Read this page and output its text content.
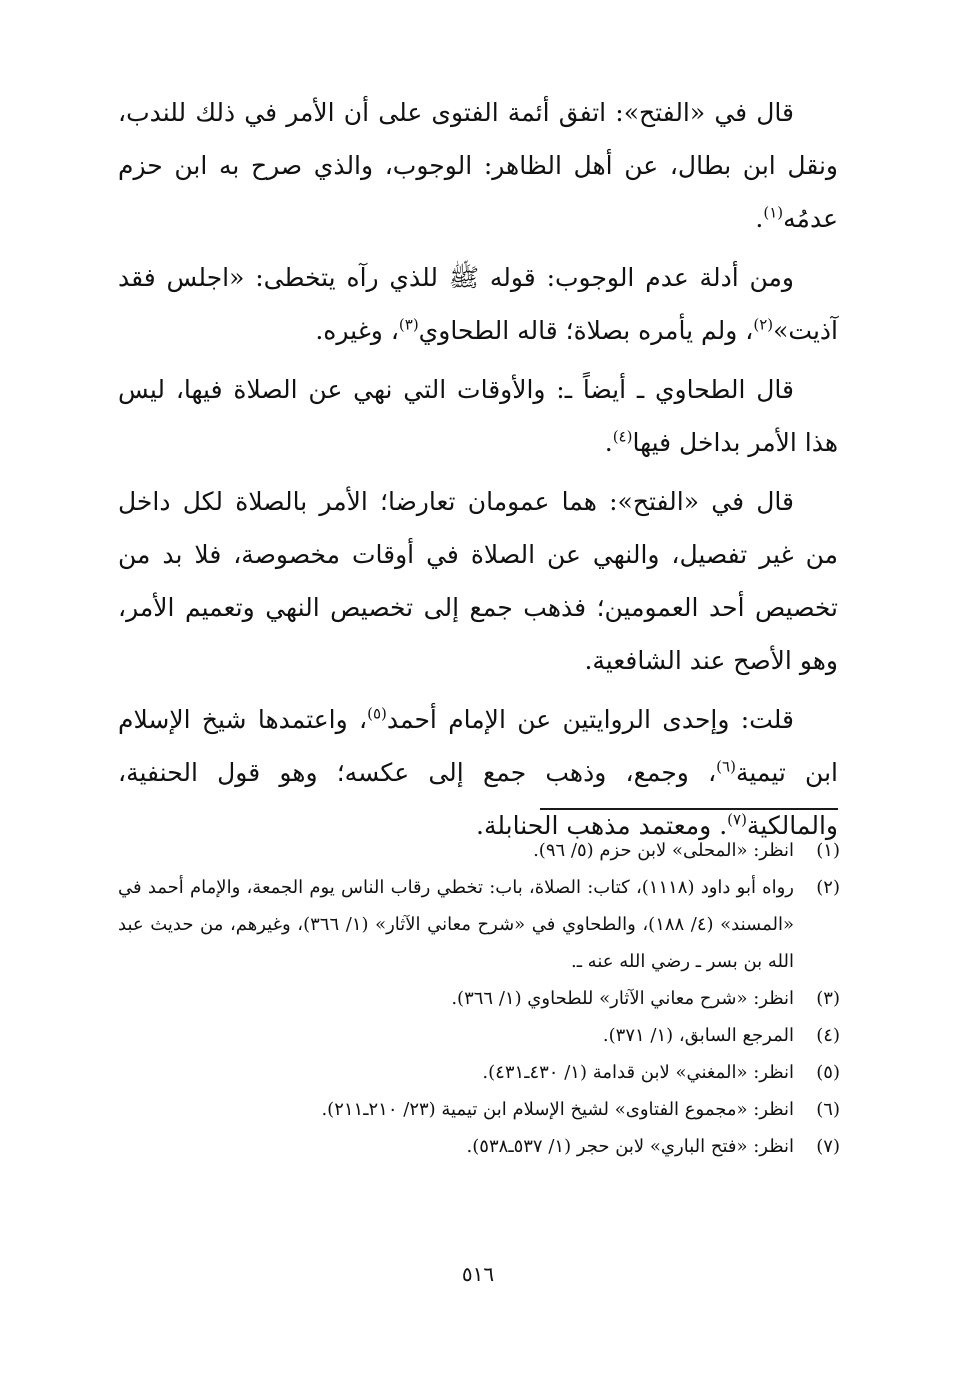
قال في «الفتح»: اتفق أئمة الفتوى على أن الأمر في ذلك للندب، ونقل ابن بطال، عن أهل الظاهر: الوجوب، والذي صرح به ابن حزم عدمُه$^{(١)}$.

ومن أدلة عدم الوجوب: قوله ﷺ للذي رآه يتخطى: «اجلس فقد آذيت»$^{(٢)}$، ولم يأمره بصلاة؛ قاله الطحاوي$^{(٣)}$، وغيره.

قال الطحاوي ـ أيضاً ـ: والأوقات التي نهي عن الصلاة فيها، ليس هذا الأمر بداخل فيها$^{(٤)}$.

قال في «الفتح»: هما عمومان تعارضا؛ الأمر بالصلاة لكل داخل من غير تفصيل، والنهي عن الصلاة في أوقات مخصوصة، فلا بد من تخصيص أحد العمومين؛ فذهب جمع إلى تخصيص النهي وتعميم الأمر، وهو الأصح عند الشافعية.

قلت: وإحدى الروايتين عن الإمام أحمد$^{(٥)}$، واعتمدها شيخ الإسلام ابن تيمية$^{(٦)}$، وجمع، وذهب جمع إلى عكسه؛ وهو قول الحنفية، والمالكية$^{(٧)}$. ومعتمد مذهب الحنابلة.

(١)
انظر: «المحلى» لابن حزم (٥/ ٩٦).
(٢)
رواه أبو داود (١١١٨)، كتاب: الصلاة، باب: تخطي رقاب الناس يوم الجمعة، والإمام أحمد في «المسند» (٤/ ١٨٨)، والطحاوي في «شرح معاني الآثار» (١/ ٣٦٦)، وغيرهم، من حديث عبد الله بن بسر ـ رضي الله عنه ـ.
(٣)
انظر: «شرح معاني الآثار» للطحاوي (١/ ٣٦٦).
(٤)
المرجع السابق، (١/ ٣٧١).
(٥)
انظر: «المغني» لابن قدامة (١/ ٤٣٠ـ٤٣١).
(٦)
انظر: «مجموع الفتاوى» لشيخ الإسلام ابن تيمية (٢٣/ ٢١٠ـ٢١١).
(٧)
انظر: «فتح الباري» لابن حجر (١/ ٥٣٧ـ٥٣٨).
٥١٦
